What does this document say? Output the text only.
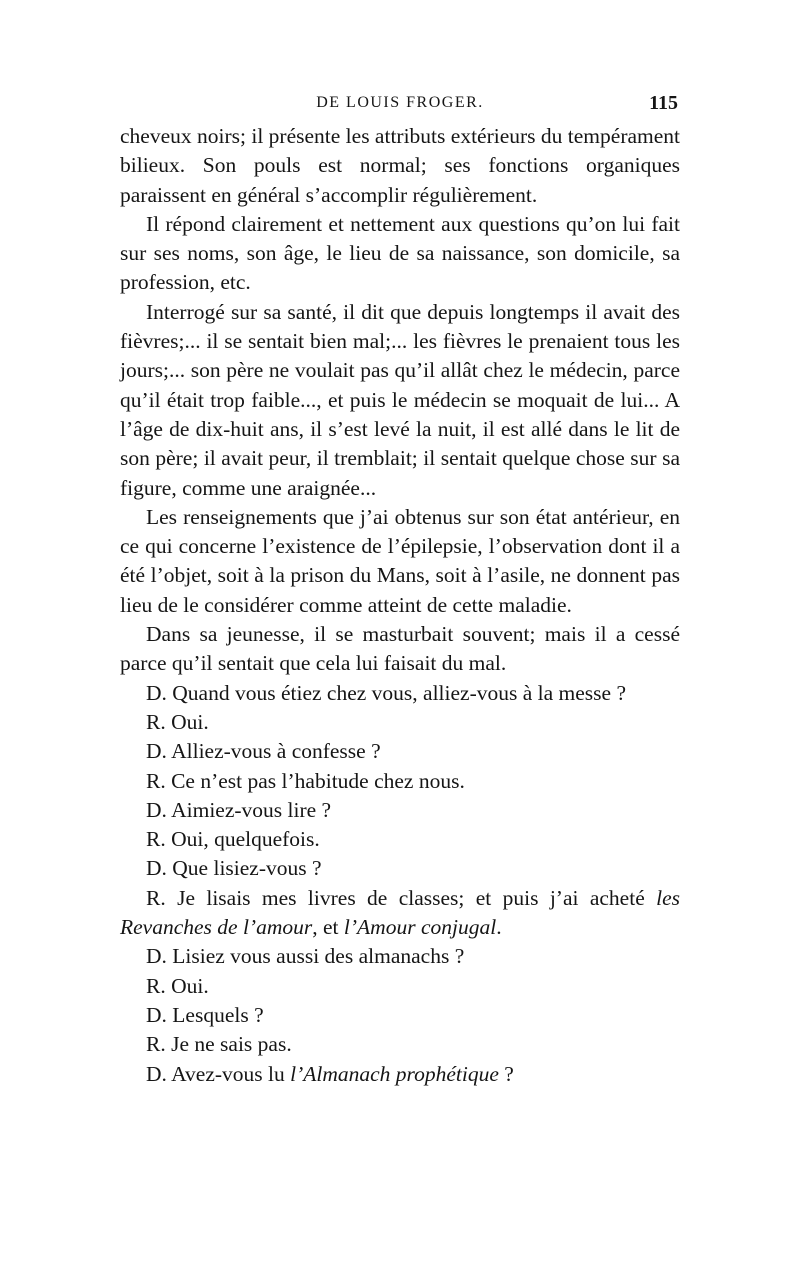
DE LOUIS FROGER.	115

cheveux noirs; il présente les attributs extérieurs du tempérament bilieux. Son pouls est normal; ses fonctions organiques paraissent en général s’accomplir régulièrement.

Il répond clairement et nettement aux questions qu’on lui fait sur ses noms, son âge, le lieu de sa naissance, son domicile, sa profession, etc.

Interrogé sur sa santé, il dit que depuis longtemps il avait des fièvres;... il se sentait bien mal;... les fièvres le prenaient tous les jours;... son père ne voulait pas qu’il allât chez le médecin, parce qu’il était trop faible..., et puis le médecin se moquait de lui... A l’âge de dix-huit ans, il s’est levé la nuit, il est allé dans le lit de son père; il avait peur, il tremblait; il sentait quelque chose sur sa figure, comme une araignée...

Les renseignements que j’ai obtenus sur son état antérieur, en ce qui concerne l’existence de l’épilepsie, l’observation dont il a été l’objet, soit à la prison du Mans, soit à l’asile, ne donnent pas lieu de le considérer comme atteint de cette maladie.

Dans sa jeunesse, il se masturbait souvent; mais il a cessé parce qu’il sentait que cela lui faisait du mal.

D. Quand vous étiez chez vous, alliez-vous à la messe ?

R. Oui.

D. Alliez-vous à confesse ?

R. Ce n’est pas l’habitude chez nous.

D. Aimiez-vous lire ?

R. Oui, quelquefois.

D. Que lisiez-vous ?

R. Je lisais mes livres de classes; et puis j’ai acheté les Revanches de l’amour, et l’Amour conjugal.

D. Lisiez vous aussi des almanachs ?

R. Oui.

D. Lesquels ?

R. Je ne sais pas.

D. Avez-vous lu l’Almanach prophétique ?
